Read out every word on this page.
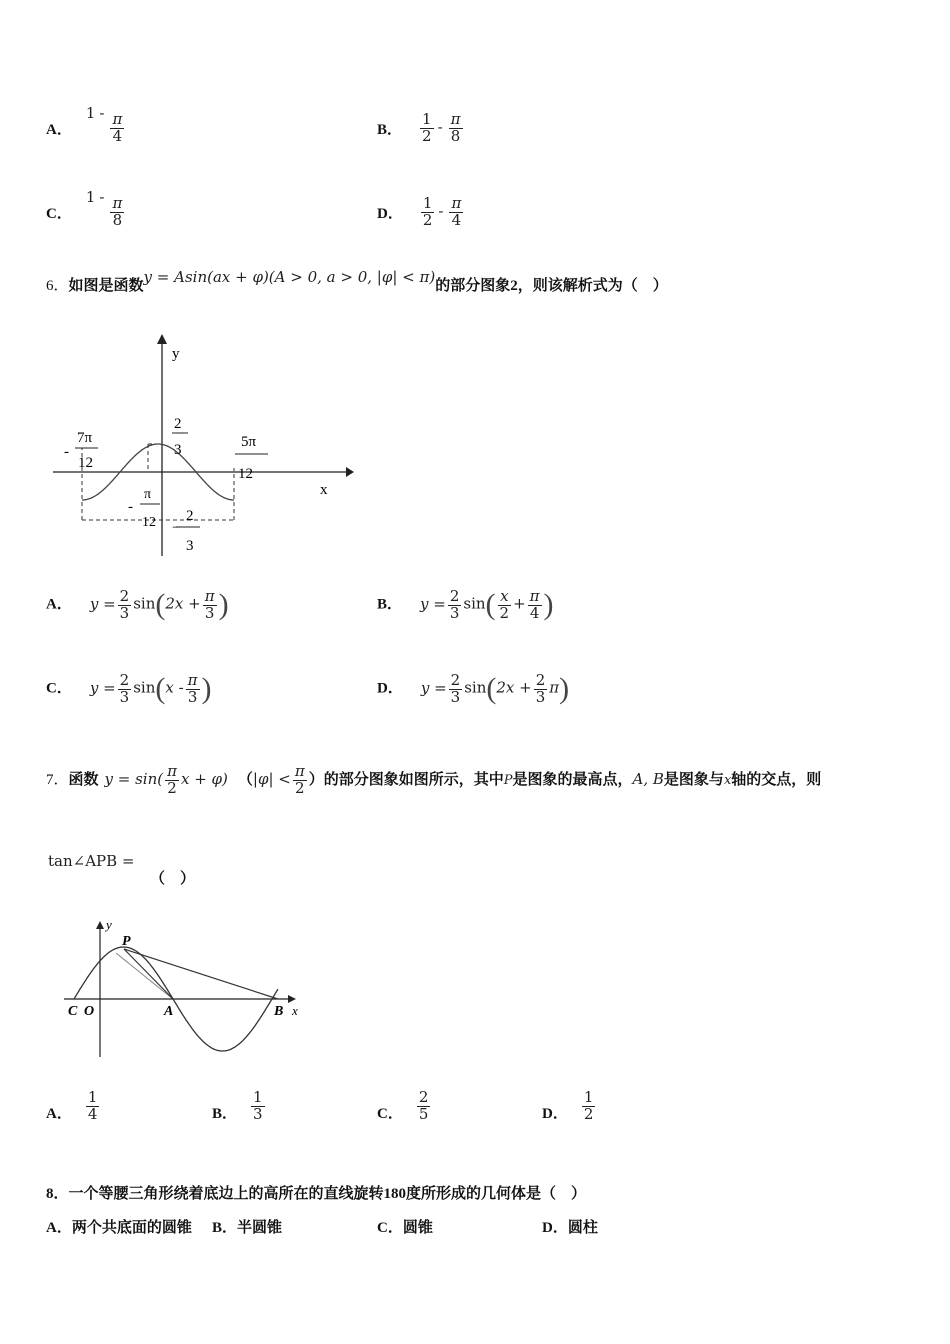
A． $1 - \frac{\pi}{4}$	B． $\frac{1}{2} - \frac{\pi}{8}$
C． $1 - \frac{\pi}{8}$	D． $\frac{1}{2} - \frac{\pi}{4}$
6．如图是函数y = Asin(ax + φ)(A > 0, a > 0, |φ| < π)的部分图象2，则该解析式为（　）
y
x
-
7π
12
5π
12
2
3
π
-
12 2
−
3
A． $y = \frac{2}{3} \sin(2x + \frac{\pi}{3}$ )	B． $y = \frac{2}{3} \sin( \frac{x}{2} + \frac{\pi}{4}$ )
C． $y = \frac{2}{3} \sin(x - \frac{\pi}{3}$ )	D． $y = \frac{2}{3} \sin(2x + \frac{2}{3} \pi)$
7．函数 $y = \sin( \frac{\pi}{2}$ x + φ) （$|\varphi| < \frac{\pi}{2}$ ）的部分图象如图所示，其中P是图象的最高点，A, B是图象与x轴的交点，则
tan∠APB =
（　）
y
x
P
C O	A	B
A． $\frac{1}{4}$	B． $\frac{1}{3}$	C． $\frac{2}{5}$	D． $\frac{1}{2}$
8．一个等腰三角形绕着底边上的高所在的直线旋转180度所形成的几何体是（　）
A．两个共底面的圆锥 B．半圆锥	C．圆锥	D．圆柱
